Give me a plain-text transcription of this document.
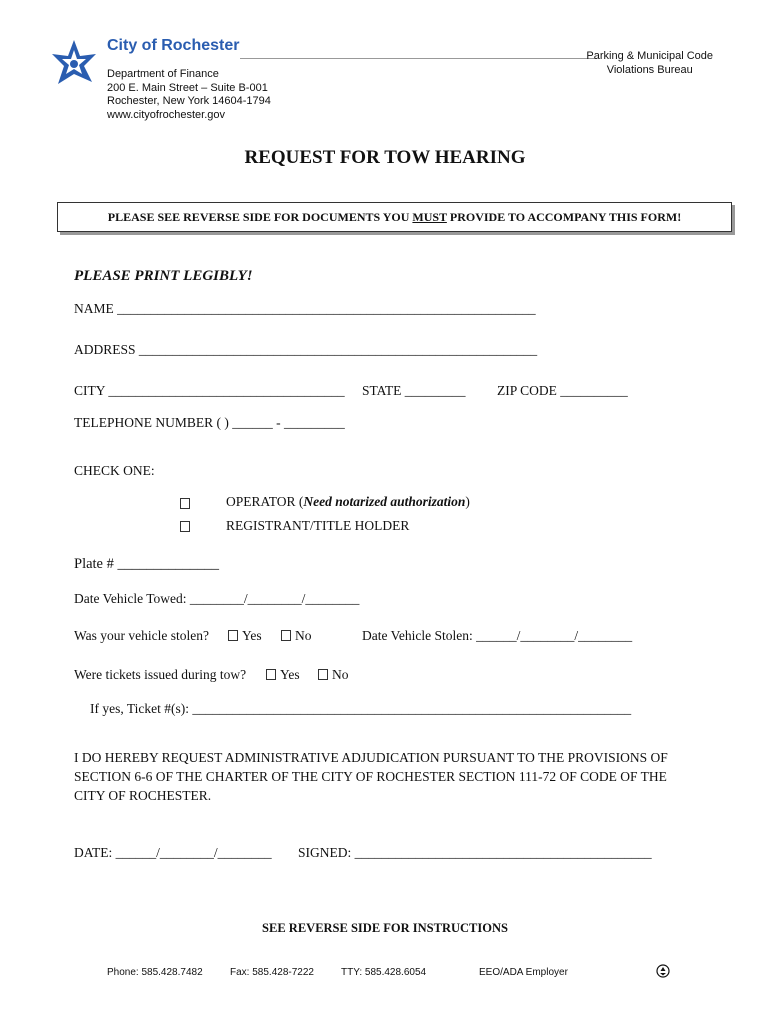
City of Rochester
Parking & Municipal Code
Violations Bureau
Department of Finance
200 E. Main Street – Suite B-001
Rochester, New York 14604-1794
www.cityofrochester.gov
REQUEST FOR TOW HEARING
PLEASE SEE REVERSE SIDE FOR DOCUMENTS YOU MUST PROVIDE TO ACCOMPANY THIS FORM!
PLEASE PRINT LEGIBLY!
NAME ______________________________________________________________
ADDRESS ___________________________________________________________
CITY ___________________________________ STATE _________ ZIP CODE __________
TELEPHONE NUMBER ( ) ______ - _________
CHECK ONE:
OPERATOR (Need notarized authorization)
REGISTRANT/TITLE HOLDER
Plate # ______________
Date Vehicle Towed: ________/________/________
Was your vehicle stolen?	Yes	No	Date Vehicle Stolen: ______/________/________
Were tickets issued during tow?	Yes	No
If yes, Ticket #(s): _________________________________________________________________
I DO HEREBY REQUEST ADMINISTRATIVE ADJUDICATION PURSUANT TO THE PROVISIONS OF SECTION 6-6 OF THE CHARTER OF THE CITY OF ROCHESTER SECTION 111-72 OF CODE OF THE CITY OF ROCHESTER.
DATE: ______/________/________ SIGNED: ____________________________________________
SEE REVERSE SIDE FOR INSTRUCTIONS
Phone: 585.428.7482	Fax: 585.428-7222	TTY: 585.428.6054	EEO/ADA Employer
